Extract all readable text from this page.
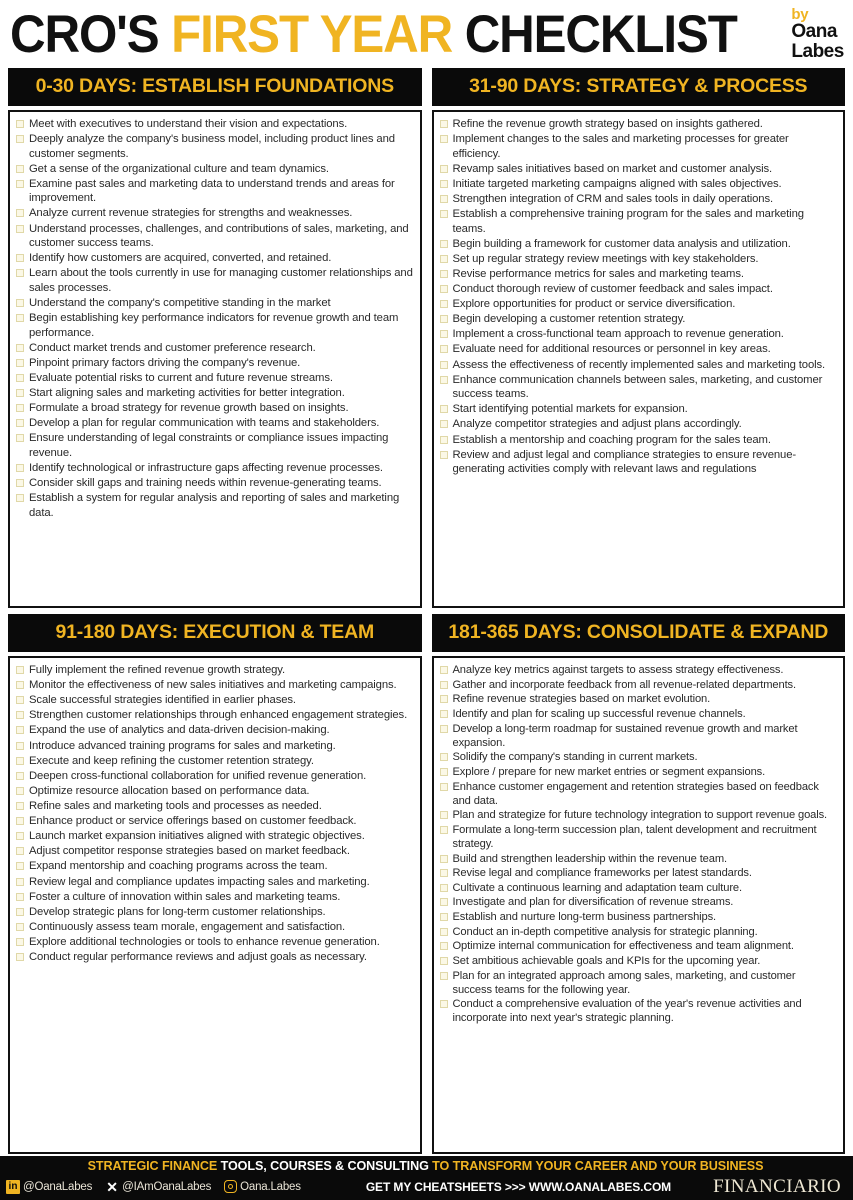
CRO'S FIRST YEAR CHECKLIST	by
Oana
Labes
0-30 DAYS: ESTABLISH FOUNDATIONS
Meet with executives to understand their vision and expectations.
Deeply analyze the company's business model, including product lines and customer segments.
Get a sense of the organizational culture and team dynamics.
Examine past sales and marketing data to understand trends and areas for improvement.
Analyze current revenue strategies for strengths and weaknesses.
Understand processes, challenges, and contributions of sales, marketing, and customer success teams.
Identify how customers are acquired, converted, and retained.
Learn about the tools currently in use for managing customer relationships and sales processes.
Understand the company's competitive standing in the market
Begin establishing key performance indicators for revenue growth and team performance.
Conduct market trends and customer preference research.
Pinpoint primary factors driving the company's revenue.
Evaluate potential risks to current and future revenue streams.
Start aligning sales and marketing activities for better integration.
Formulate a broad strategy for revenue growth based on insights.
Develop a plan for regular communication with teams and stakeholders.
Ensure understanding of legal constraints or compliance issues impacting revenue.
Identify technological or infrastructure gaps affecting revenue processes.
Consider skill gaps and training needs within revenue-generating teams.
Establish a system for regular analysis and reporting of sales and marketing data.
31-90 DAYS: STRATEGY & PROCESS
Refine the revenue growth strategy based on insights gathered.
Implement changes to the sales and marketing processes for greater efficiency.
Revamp sales initiatives based on market and customer analysis.
Initiate targeted marketing campaigns aligned with sales objectives.
Strengthen integration of CRM and sales tools in daily operations.
Establish a comprehensive training program for the sales and marketing teams.
Begin building a framework for customer data analysis and utilization.
Set up regular strategy review meetings with key stakeholders.
Revise performance metrics for sales and marketing teams.
Conduct thorough review of customer feedback and sales impact.
Explore opportunities for product or service diversification.
Begin developing a customer retention strategy.
Implement a cross-functional team approach to revenue generation.
Evaluate need for additional resources or personnel in key areas.
Assess the effectiveness of recently implemented sales and marketing tools.
Enhance communication channels between sales, marketing, and customer success teams.
Start identifying potential markets for expansion.
Analyze competitor strategies and adjust plans accordingly.
Establish a mentorship and coaching program for the sales team.
Review and adjust legal and compliance strategies to ensure revenue-generating activities comply with relevant laws and regulations
91-180 DAYS: EXECUTION & TEAM
Fully implement the refined revenue growth strategy.
Monitor the effectiveness of new sales initiatives and marketing campaigns.
Scale successful strategies identified in earlier phases.
Strengthen customer relationships through enhanced engagement strategies.
Expand the use of analytics and data-driven decision-making.
Introduce advanced training programs for sales and marketing.
Execute and keep refining the customer retention strategy.
Deepen cross-functional collaboration for unified revenue generation.
Optimize resource allocation based on performance data.
Refine sales and marketing tools and processes as needed.
Enhance product or service offerings based on customer feedback.
Launch market expansion initiatives aligned with strategic objectives.
Adjust competitor response strategies based on market feedback.
Expand mentorship and coaching programs across the team.
Review legal and compliance updates impacting sales and marketing.
Foster a culture of innovation within sales and marketing teams.
Develop strategic plans for long-term customer relationships.
Continuously assess team morale, engagement and satisfaction.
Explore additional technologies or tools to enhance revenue generation.
Conduct regular performance reviews and adjust goals as necessary.
181-365 DAYS: CONSOLIDATE & EXPAND
Analyze key metrics against targets to assess strategy effectiveness.
Gather and incorporate feedback from all revenue-related departments.
Refine revenue strategies based on market evolution.
Identify and plan for scaling up successful revenue channels.
Develop a long-term roadmap for sustained revenue growth and market expansion.
Solidify the company's standing in current markets.
Explore / prepare for new market entries or segment expansions.
Enhance customer engagement and retention strategies based on feedback and data.
Plan and strategize for future technology integration to support revenue goals.
Formulate a long-term succession plan, talent development and recruitment strategy.
Build and strengthen leadership within the revenue team.
Revise legal and compliance frameworks per latest standards.
Cultivate a continuous learning and adaptation team culture.
Investigate and plan for diversification of revenue streams.
Establish and nurture long-term business partnerships.
Conduct an in-depth competitive analysis for strategic planning.
Optimize internal communication for effectiveness and team alignment.
Set ambitious achievable goals and KPIs for the upcoming year.
Plan for an integrated approach among sales, marketing, and customer success teams for the following year.
Conduct a comprehensive evaluation of the year's revenue activities and incorporate into next year's strategic planning.
STRATEGIC FINANCE TOOLS, COURSES & CONSULTING TO TRANSFORM YOUR CAREER AND YOUR BUSINESS
in @OanaLabes ✕ @IAmOanaLabes	Oana.Labes	GET MY CHEATSHEETS >>> WWW.OANALABES.COM	FINANCIARIO
